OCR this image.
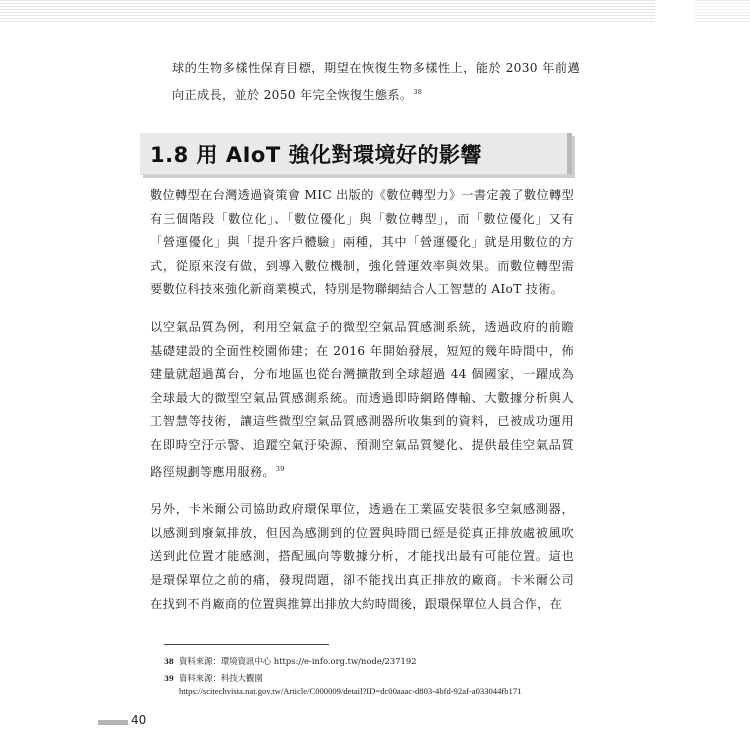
球的生物多樣性保育目標，期望在恢復生物多樣性上，能於 2030 年前邁向正成長，並於 2050 年完全恢復生態系。$^{38}$

1.8 用 AIoT 強化對環境好的影響

數位轉型在台灣透過資策會 MIC 出版的《數位轉型力》一書定義了數位轉型有三個階段「數位化」、「數位優化」與「數位轉型」，而「數位優化」又有「營運優化」與「提升客戶體驗」兩種，其中「營運優化」就是用數位的方式，從原來沒有做，到導入數位機制，強化營運效率與效果。而數位轉型需要數位科技來強化新商業模式，特別是物聯網結合人工智慧的 AIoT 技術。

以空氣品質為例，利用空氣盒子的微型空氣品質感測系統，透過政府的前瞻基礎建設的全面性校園佈建；在 2016 年開始發展，短短的幾年時間中，佈建量就超過萬台，分布地區也從台灣擴散到全球超過 44 個國家，一躍成為全球最大的微型空氣品質感測系統。而透過即時網路傳輸、大數據分析與人工智慧等技術，讓這些微型空氣品質感測器所收集到的資料，已被成功運用在即時空汙示警、追蹤空氣汙染源、預測空氣品質變化、提供最佳空氣品質路徑規劃等應用服務。$^{39}$

另外，卡米爾公司協助政府環保單位，透過在工業區安裝很多空氣感測器，以感測到廢氣排放，但因為感測到的位置與時間已經是從真正排放處被風吹送到此位置才能感測，搭配風向等數據分析，才能找出最有可能位置。這也是環保單位之前的痛，發現問題，卻不能找出真正排放的廠商。卡米爾公司在找到不肖廠商的位置與推算出排放大約時間後，跟環保單位人員合作，在

38 資料來源：環境資訊中心 https://e-info.org.tw/node/237192
39 資料來源：科技大觀園
https://scitechvista.nat.gov.tw/Article/C000009/detail?ID=dc00aaac-d803-4bfd-92af-a033044fb171
40
